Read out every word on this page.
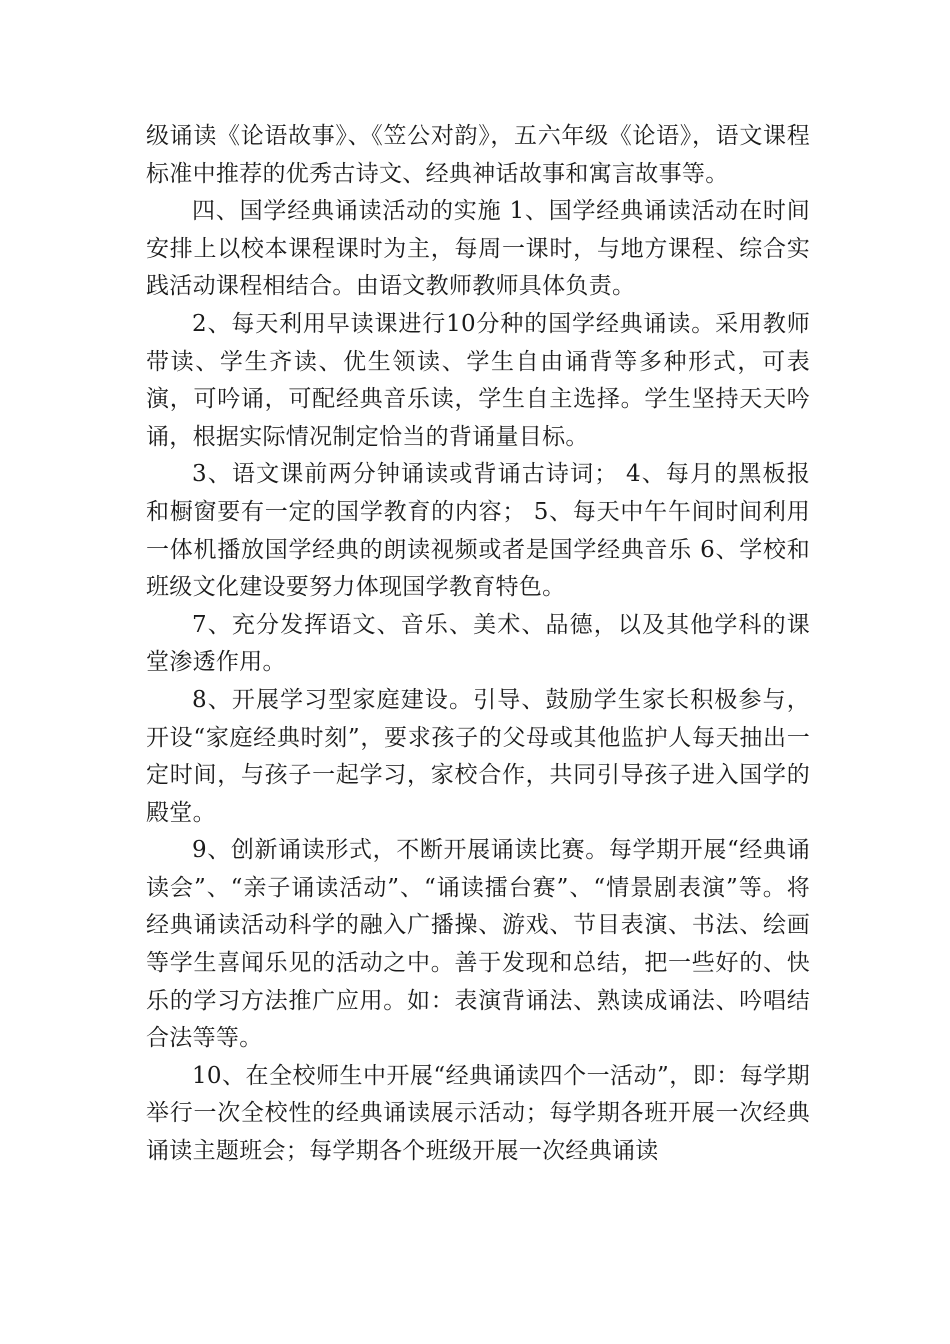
级诵读《论语故事》、《笠公对韵》，五六年级《论语》，语文课程标准中推荐的优秀古诗文、经典神话故事和寓言故事等。

四、国学经典诵读活动的实施 1、国学经典诵读活动在时间安排上以校本课程课时为主，每周一课时，与地方课程、综合实践活动课程相结合。由语文教师教师具体负责。

2、每天利用早读课进行10分种的国学经典诵读。采用教师带读、学生齐读、优生领读、学生自由诵背等多种形式，可表演，可吟诵，可配经典音乐读，学生自主选择。学生坚持天天吟诵，根据实际情况制定恰当的背诵量目标。

3、语文课前两分钟诵读或背诵古诗词； 4、每月的黑板报和橱窗要有一定的国学教育的内容； 5、每天中午午间时间利用一体机播放国学经典的朗读视频或者是国学经典音乐 6、学校和班级文化建设要努力体现国学教育特色。

7、充分发挥语文、音乐、美术、品德，以及其他学科的课堂渗透作用。

8、开展学习型家庭建设。引导、鼓励学生家长积极参与，开设“家庭经典时刻”，要求孩子的父母或其他监护人每天抽出一定时间，与孩子一起学习，家校合作，共同引导孩子进入国学的殿堂。

9、创新诵读形式，不断开展诵读比赛。每学期开展“经典诵读会”、“亲子诵读活动”、“诵读擂台赛”、“情景剧表演”等。将经典诵读活动科学的融入广播操、游戏、节目表演、书法、绘画等学生喜闻乐见的活动之中。善于发现和总结，把一些好的、快乐的学习方法推广应用。如：表演背诵法、熟读成诵法、吟唱结合法等等。

10、在全校师生中开展“经典诵读四个一活动”，即：每学期举行一次全校性的经典诵读展示活动；每学期各班开展一次经典诵读主题班会；每学期各个班级开展一次经典诵读
